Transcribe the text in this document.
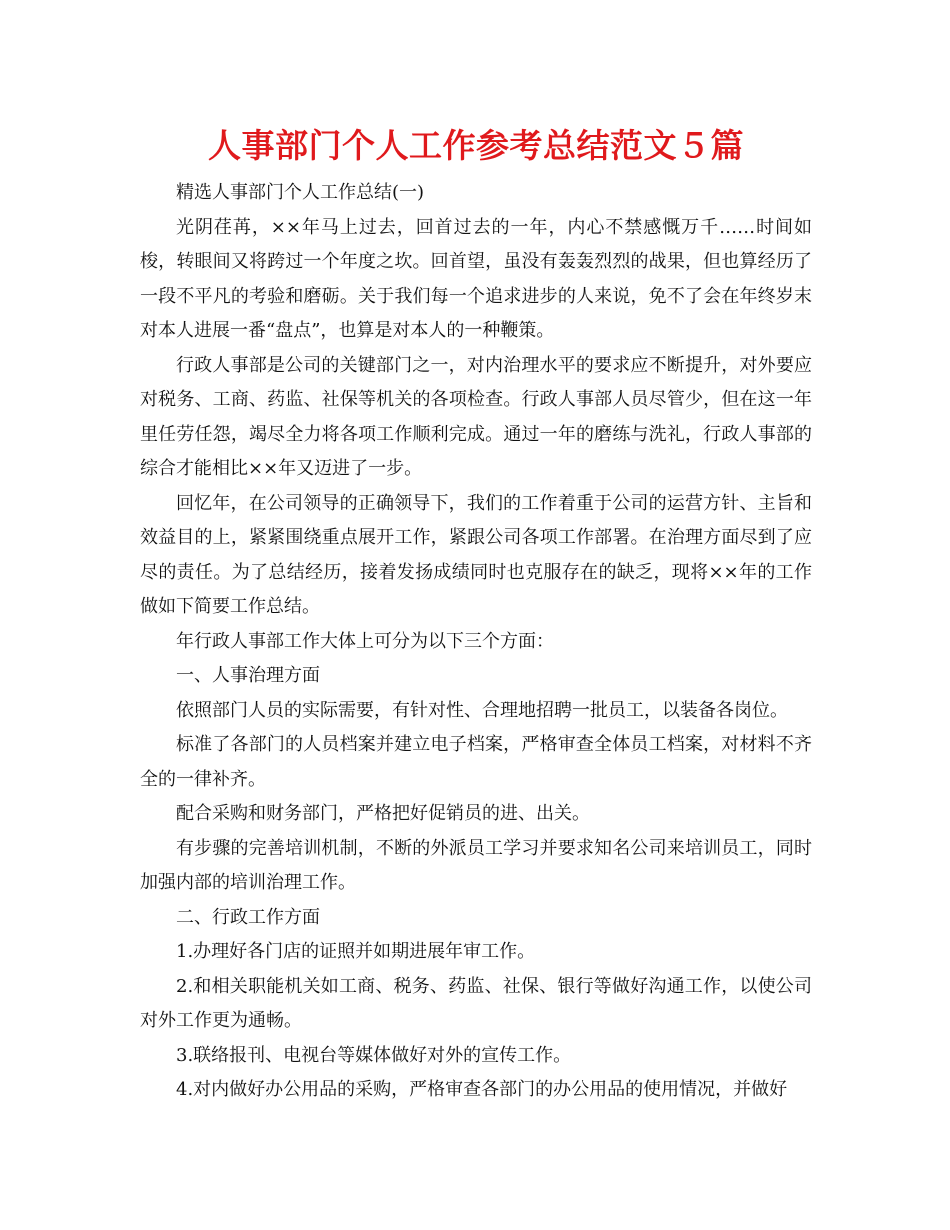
人事部门个人工作参考总结范文５篇

精选人事部门个人工作总结(一)

光阴荏苒，××年马上过去，回首过去的一年，内心不禁感慨万千……时间如梭，转眼间又将跨过一个年度之坎。回首望，虽没有轰轰烈烈的战果，但也算经历了一段不平凡的考验和磨砺。关于我们每一个追求进步的人来说，免不了会在年终岁末对本人进展一番“盘点”，也算是对本人的一种鞭策。

行政人事部是公司的关键部门之一，对内治理水平的要求应不断提升，对外要应对税务、工商、药监、社保等机关的各项检查。行政人事部人员尽管少，但在这一年里任劳任怨，竭尽全力将各项工作顺利完成。通过一年的磨练与洗礼，行政人事部的综合才能相比××年又迈进了一步。

回忆年，在公司领导的正确领导下，我们的工作着重于公司的运营方针、主旨和效益目的上，紧紧围绕重点展开工作，紧跟公司各项工作部署。在治理方面尽到了应尽的责任。为了总结经历，接着发扬成绩同时也克服存在的缺乏，现将××年的工作做如下简要工作总结。

年行政人事部工作大体上可分为以下三个方面：

一、人事治理方面

依照部门人员的实际需要，有针对性、合理地招聘一批员工，以装备各岗位。

标准了各部门的人员档案并建立电子档案，严格审查全体员工档案，对材料不齐全的一律补齐。

配合采购和财务部门，严格把好促销员的进、出关。

有步骤的完善培训机制，不断的外派员工学习并要求知名公司来培训员工，同时加强内部的培训治理工作。

二、行政工作方面

1.办理好各门店的证照并如期进展年审工作。

2.和相关职能机关如工商、税务、药监、社保、银行等做好沟通工作，以使公司对外工作更为通畅。

3.联络报刊、电视台等媒体做好对外的宣传工作。

4.对内做好办公用品的采购，严格审查各部门的办公用品的使用情况，并做好
